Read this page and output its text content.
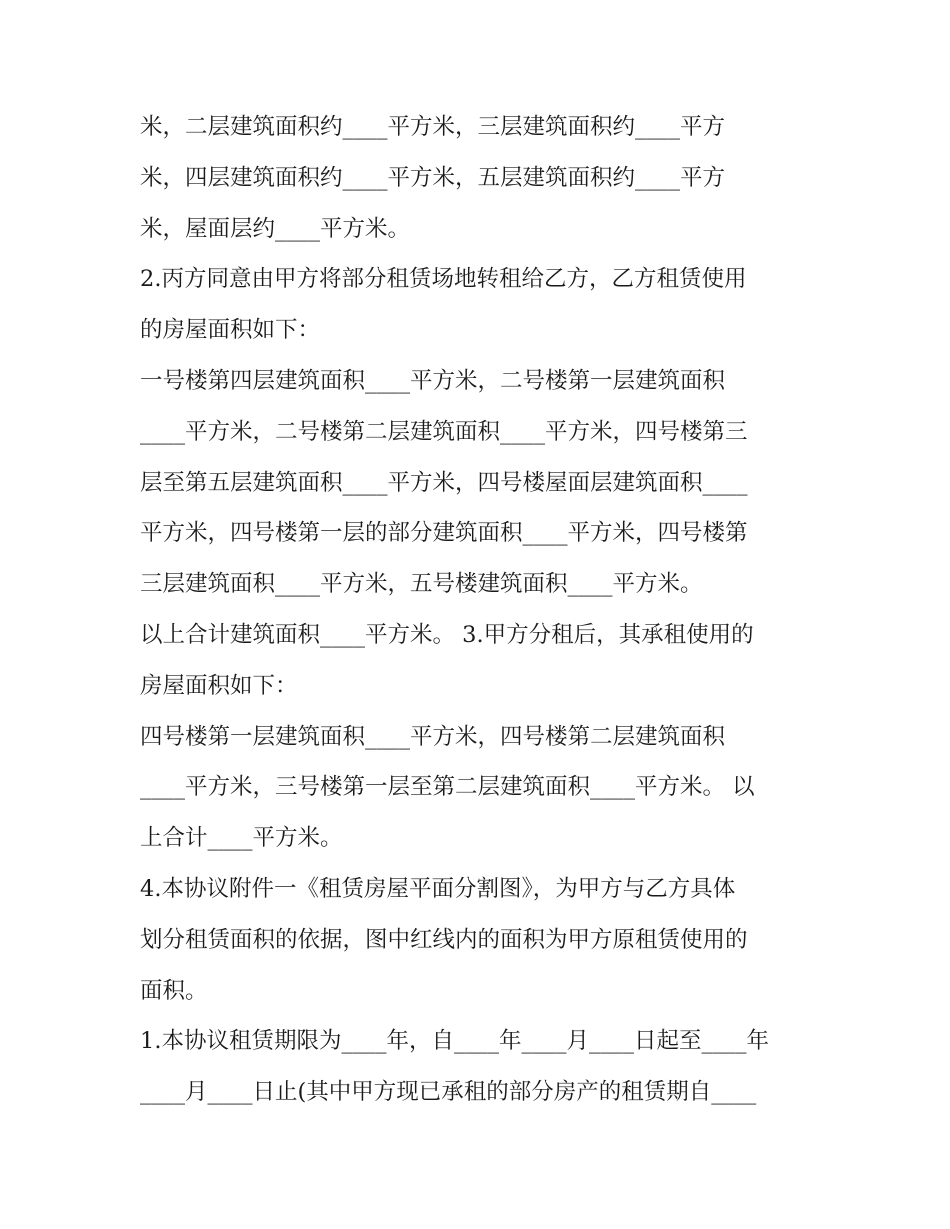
米，二层建筑面积约____平方米，三层建筑面积约____平方

米，四层建筑面积约____平方米，五层建筑面积约____平方

米，屋面层约____平方米。

2.丙方同意由甲方将部分租赁场地转租给乙方，乙方租赁使用

的房屋面积如下：

一号楼第四层建筑面积____平方米，二号楼第一层建筑面积

____平方米，二号楼第二层建筑面积____平方米，四号楼第三

层至第五层建筑面积____平方米，四号楼屋面层建筑面积____

平方米，四号楼第一层的部分建筑面积____平方米，四号楼第

三层建筑面积____平方米，五号楼建筑面积____平方米。

以上合计建筑面积____平方米。 3.甲方分租后，其承租使用的

房屋面积如下：

四号楼第一层建筑面积____平方米，四号楼第二层建筑面积

____平方米，三号楼第一层至第二层建筑面积____平方米。 以

上合计____平方米。

4.本协议附件一《租赁房屋平面分割图》，为甲方与乙方具体

划分租赁面积的依据，图中红线内的面积为甲方原租赁使用的

面积。

1.本协议租赁期限为____年，自____年____月____日起至____年

____月____日止(其中甲方现已承租的部分房产的租赁期自____
